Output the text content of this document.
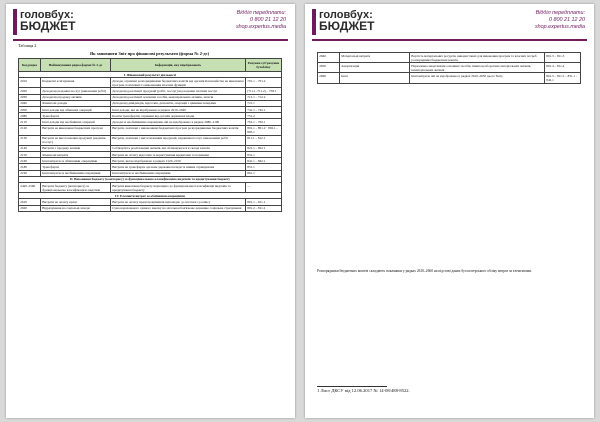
головбух:
БЮДЖЕТ
Відділ передплати:
0 800 21 12 20
shop.expertus.media
Таблиця 2
Як заповнити Звіт про фінансові результати (форма № 2-дс)
Код рядка	Найменування рядка форми № 2-дс	Інформація, яку відображають	Рахунки суб'рахунки бухобліку
І. Фінансовий результат діяльності			
2010	Бюджетні асигнування	Доходи, отримані розпорядниками бюджетних коштів від органів Казначейства на виконання програм, пов'язаних із виконанням власних функцій	701.1 – 701.2
2020	Доходи від надання послуг (виконання робіт)	Доходи від реалізації продукції (робіт, послуг) від надання платних послуг	(711.1–711.2) – 758.1
2030	Доходи від продажу активів	Доходи від реалізації основних засобів, нематеріальних активів, запасів	712.1 – 712.2
2040	Фінансові доходи	Доходи від дивідендів, відсотків, депозитів, операцій з цінними паперами	721.1
2050	Інші доходи від обмінних операцій	Інші доходи, які не відображено в рядках 2010–2040	741.1 – 742.1
2080	Трансферти	Кошти трансфертів, отримані від органів державної влади	751.2
2110	Інші доходи від необмінних операцій	Доходи за необмінними операціями, які не відображено в рядках 2080–2100	761.1 – 762.1
2120	Витрати на виконання бюджетних програм	Витрати, пов'язані з виконанням бюджетних програм розпорядниками бюджетних коштів	801.1 – 801.2 · 802.1 – 805.1
2130	Витрати на виготовлення продукції (надання послуг)	Витрати, пов'язані з виготовленням продукції, наданням послуг, виконанням робіт	811.1 – 812.1
2140	Витрати з продажу активів	Собівартість реалізованих активів, які обліковуються в складі запасів	821.1 – 822.1
2150	Фінансові витрати	Витрати на сплату відсотків за користування кредитами та позиками	831.1
2160	Інші витрати за обмінними операціями	Витрати, які не відображено в рядках 2120–2150	841.1 – 842.1
2180	Трансферти	Витрати на трансферти органам державної влади та іншим отримувачам	851.1
2190	Інші витрати за необмінними операціями	Інші витрати за необмінними операціями	861.1
ІІ. Виконання бюджету (кошторису) за функціональною класифікацією видатків та кредитування бюджету			
2420–2560	Витрати бюджету (кошторису) за функціональною класифікацією видатків	Витрати виконання бюджету відповідно до функціональної класифікації видатків та кредитування бюджету	—
IV. Елементи витрат за обмінними операціями			
2610	Витрати на оплату праці	Витрати на оплату праці працівників відповідно до штатного розпису	801.1 – 811.1
2620	Відрахування на соціальні заходи	Сума нарахованого єдиного внеску на загальнообов'язкове державне соціальне страхування	801.2 – 811.2
головбух:
БЮДЖЕТ
Відділ передплати:
0 800 21 12 20
shop.expertus.media
2640	Матеріальні витрати	Вартість матеріальних ресурсів, використаних для виконання програм та власних потреб розпорядника бюджетних коштів	801.3 – 811.3
2650	Амортизація	Нарахована амортизація основних засобів, інших необоротних матеріальних активів, нематеріальних активів	801.4 – 811.4
2660	Інші	Інші витрати, які не відображено в рядках 2610–2650 цього Звіту	801.5 – 811.5 – 831.1 – 842.1
Розпорядники бюджетних коштів складають показники у рядках 2610–2660 на підставі даних бухгалтерського обліку витрат за елементами.
1 Лист ДКСУ від 12.06.2017 № 14-08/488-8522.
